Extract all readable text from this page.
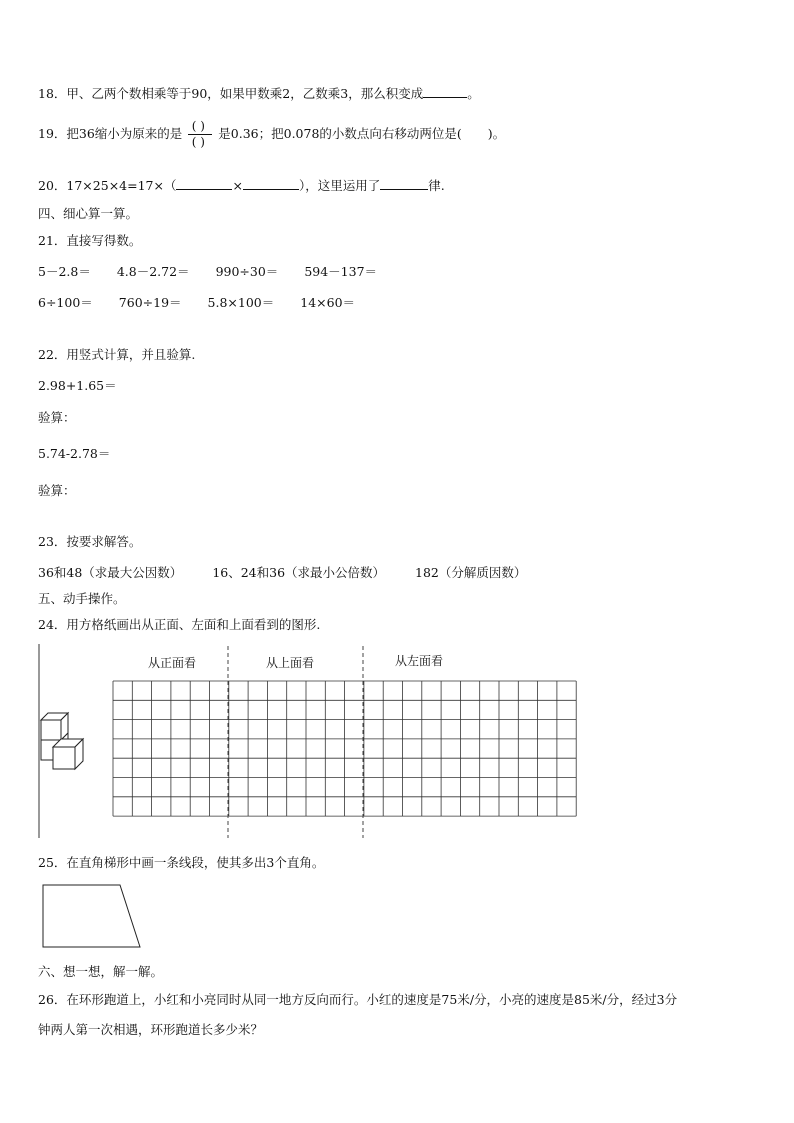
18．甲、乙两个数相乘等于90，如果甲数乘2，乙数乘3，那么积变成	。
19．把36缩小为原来的是 $\frac{( )}{( )}$ 是0.36；把0.078的小数点向右移动两位是( )。
20．17×25×4=17×（	×	），这里运用了	律.
四、细心算一算。
21．直接写得数。
5－2.8＝ 4.8－2.72＝ 990÷30＝ 594－137＝
6÷100＝ 760÷19＝ 5.8×100＝ 14×60＝
22．用竖式计算，并且验算.
2.98+1.65＝
验算：
5.74-2.78＝
验算：
23．按要求解答。
36和48（求最大公因数） 16、24和36（求最小公倍数） 182（分解质因数）
五、动手操作。
24．用方格纸画出从正面、左面和上面看到的图形.
从正面看	从上面看	从左面看
25．在直角梯形中画一条线段，使其多出3个直角。
六、想一想，解一解。
26．在环形跑道上，小红和小亮同时从同一地方反向而行。小红的速度是75米/分，小亮的速度是85米/分，经过3分
钟两人第一次相遇，环形跑道长多少米？
